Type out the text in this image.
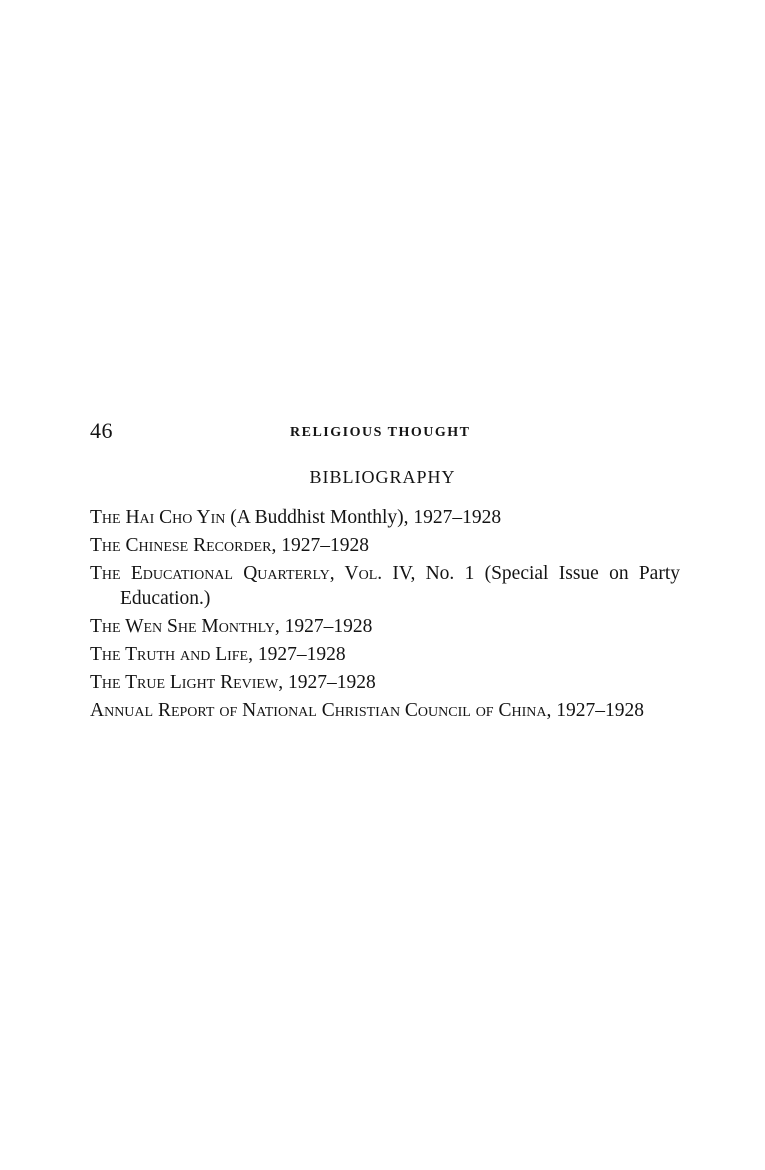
46	RELIGIOUS THOUGHT
BIBLIOGRAPHY
The Hai Cho Yin (A Buddhist Monthly), 1927–1928
The Chinese Recorder, 1927–1928
The Educational Quarterly, Vol. IV, No. 1 (Special Issue on Party Education.)
The Wen She Monthly, 1927–1928
The Truth and Life, 1927–1928
The True Light Review, 1927–1928
Annual Report of National Christian Council of China, 1927–1928
